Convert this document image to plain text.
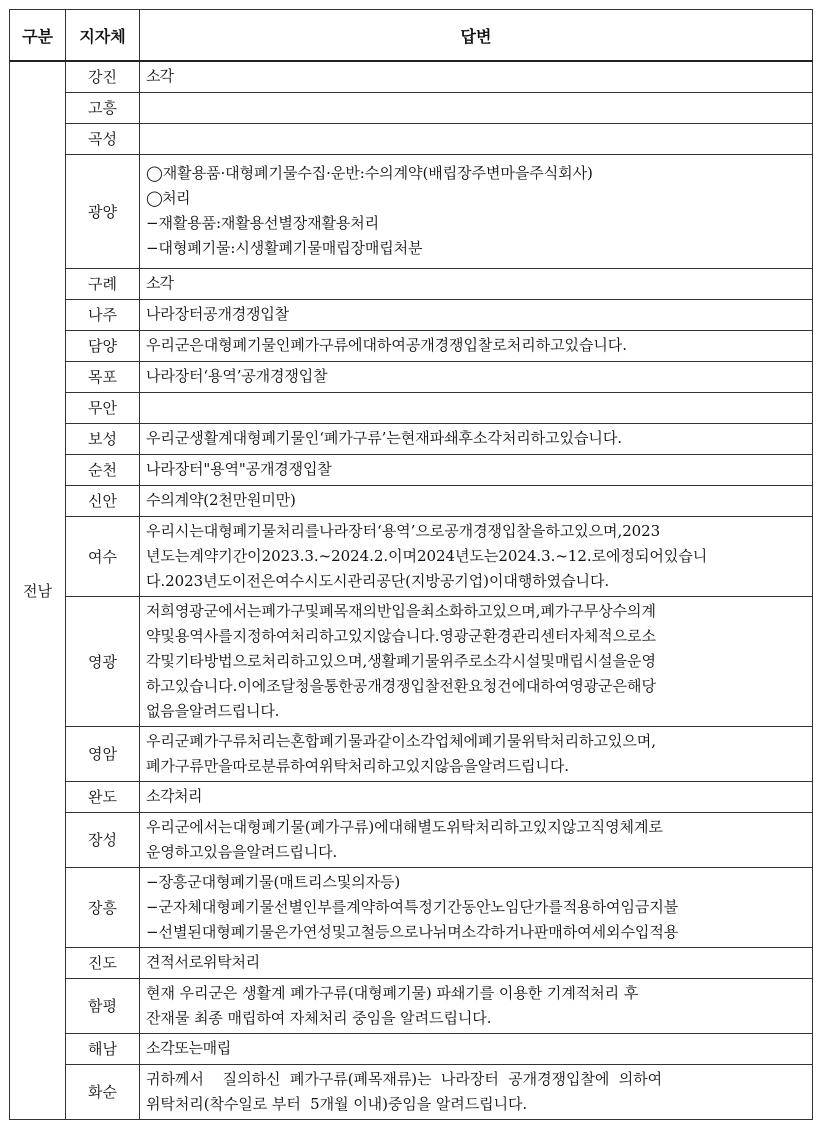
구분	지자체	답변
전남	강진	소각

	고흥	
	곡성	
	광양	◯재활용품·대형폐기물수집·운반:수의계약(배립장주변마을주식회사)
◯처리
−재활용품:재활용선별장재활용처리
−대형폐기물:시생활폐기물매립장매립처분

	구례	소각

	나주	나라장터공개경쟁입찰

	담양	우리군은대형폐기물인폐가구류에대하여공개경쟁입찰로처리하고있습니다.

	목포	나라장터‘용역’공개경쟁입찰

	무안	
	보성	우리군생활계대형폐기물인‘폐가구류’는현재파쇄후소각처리하고있습니다.

	순천	나라장터"용역"공개경쟁입찰

	신안	수의계약(2천만원미만)

	여수	우리시는대형폐기물처리를나라장터‘용역’으로공개경쟁입찰을하고있으며,2023
년도는계약기간이2023.3.~2024.2.이며2024년도는2024.3.~12.로에정되어있습니
다.2023년도이전은여수시도시관리공단(지방공기업)이대행하였습니다.

	영광	저희영광군에서는폐가구및폐목재의반입을최소화하고있으며,폐가구무상수의계
약및용역사를지정하여처리하고있지않습니다.영광군환경관리센터자체적으로소
각및기타방법으로처리하고있으며,생활폐기물위주로소각시설및매립시설을운영
하고있습니다.이에조달청을통한공개경쟁입찰전환요청건에대하여영광군은해당
없음을알려드립니다.

	영암	우리군폐가구류처리는혼합폐기물과같이소각업체에폐기물위탁처리하고있으며,
폐가구류만을따로분류하여위탁처리하고있지않음을알려드립니다.

	완도	소각처리

	장성	우리군에서는대형폐기물(폐가구류)에대해별도위탁처리하고있지않고직영체계로
운영하고있음을알려드립니다.

	장흥	−장흥군대형폐기물(매트리스및의자등)
−군자체대형폐기물선별인부를계약하여특정기간동안노임단가를적용하여임금지불
−선별된대형폐기물은가연성및고철등으로나뉘며소각하거나판매하여세외수입적용

	진도	견적서로위탁처리

	함평	현재 우리군은 생활계 폐가구류(대형폐기물) 파쇄기를 이용한 기계적처리 후
잔재물 최종 매립하여 자체처리 중임을 알려드립니다.

	해남	소각또는매립

	화순	귀하께서    질의하신  폐가구류(폐목재류)는  나라장터  공개경쟁입찰에  의하여
위탁처리(착수일로 부터  5개월 이내)중임을 알려드립니다.
